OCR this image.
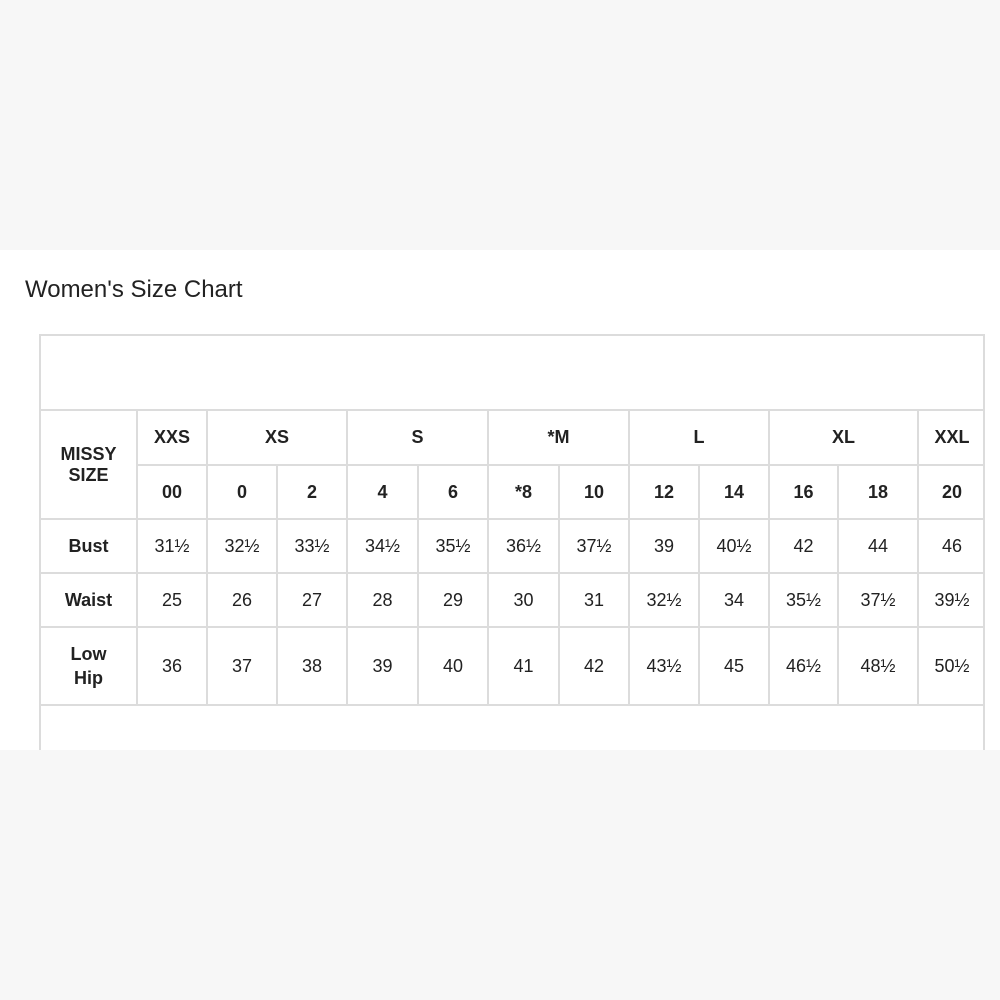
Women's Size Chart
MISSY
SIZE	XXS	XS		S		*M		L		XL		XXL
	00	0	2	4	6	*8	10	12	14	16	18	20

Bust	31½	32½	33½	34½	35½	36½	37½	39	40½	42	44	46

Waist	25	26	27	28	29	30	31	32½	34	35½	37½	39½

Low
Hip	36	37	38	39	40	41	42	43½	45	46½	48½	50½
